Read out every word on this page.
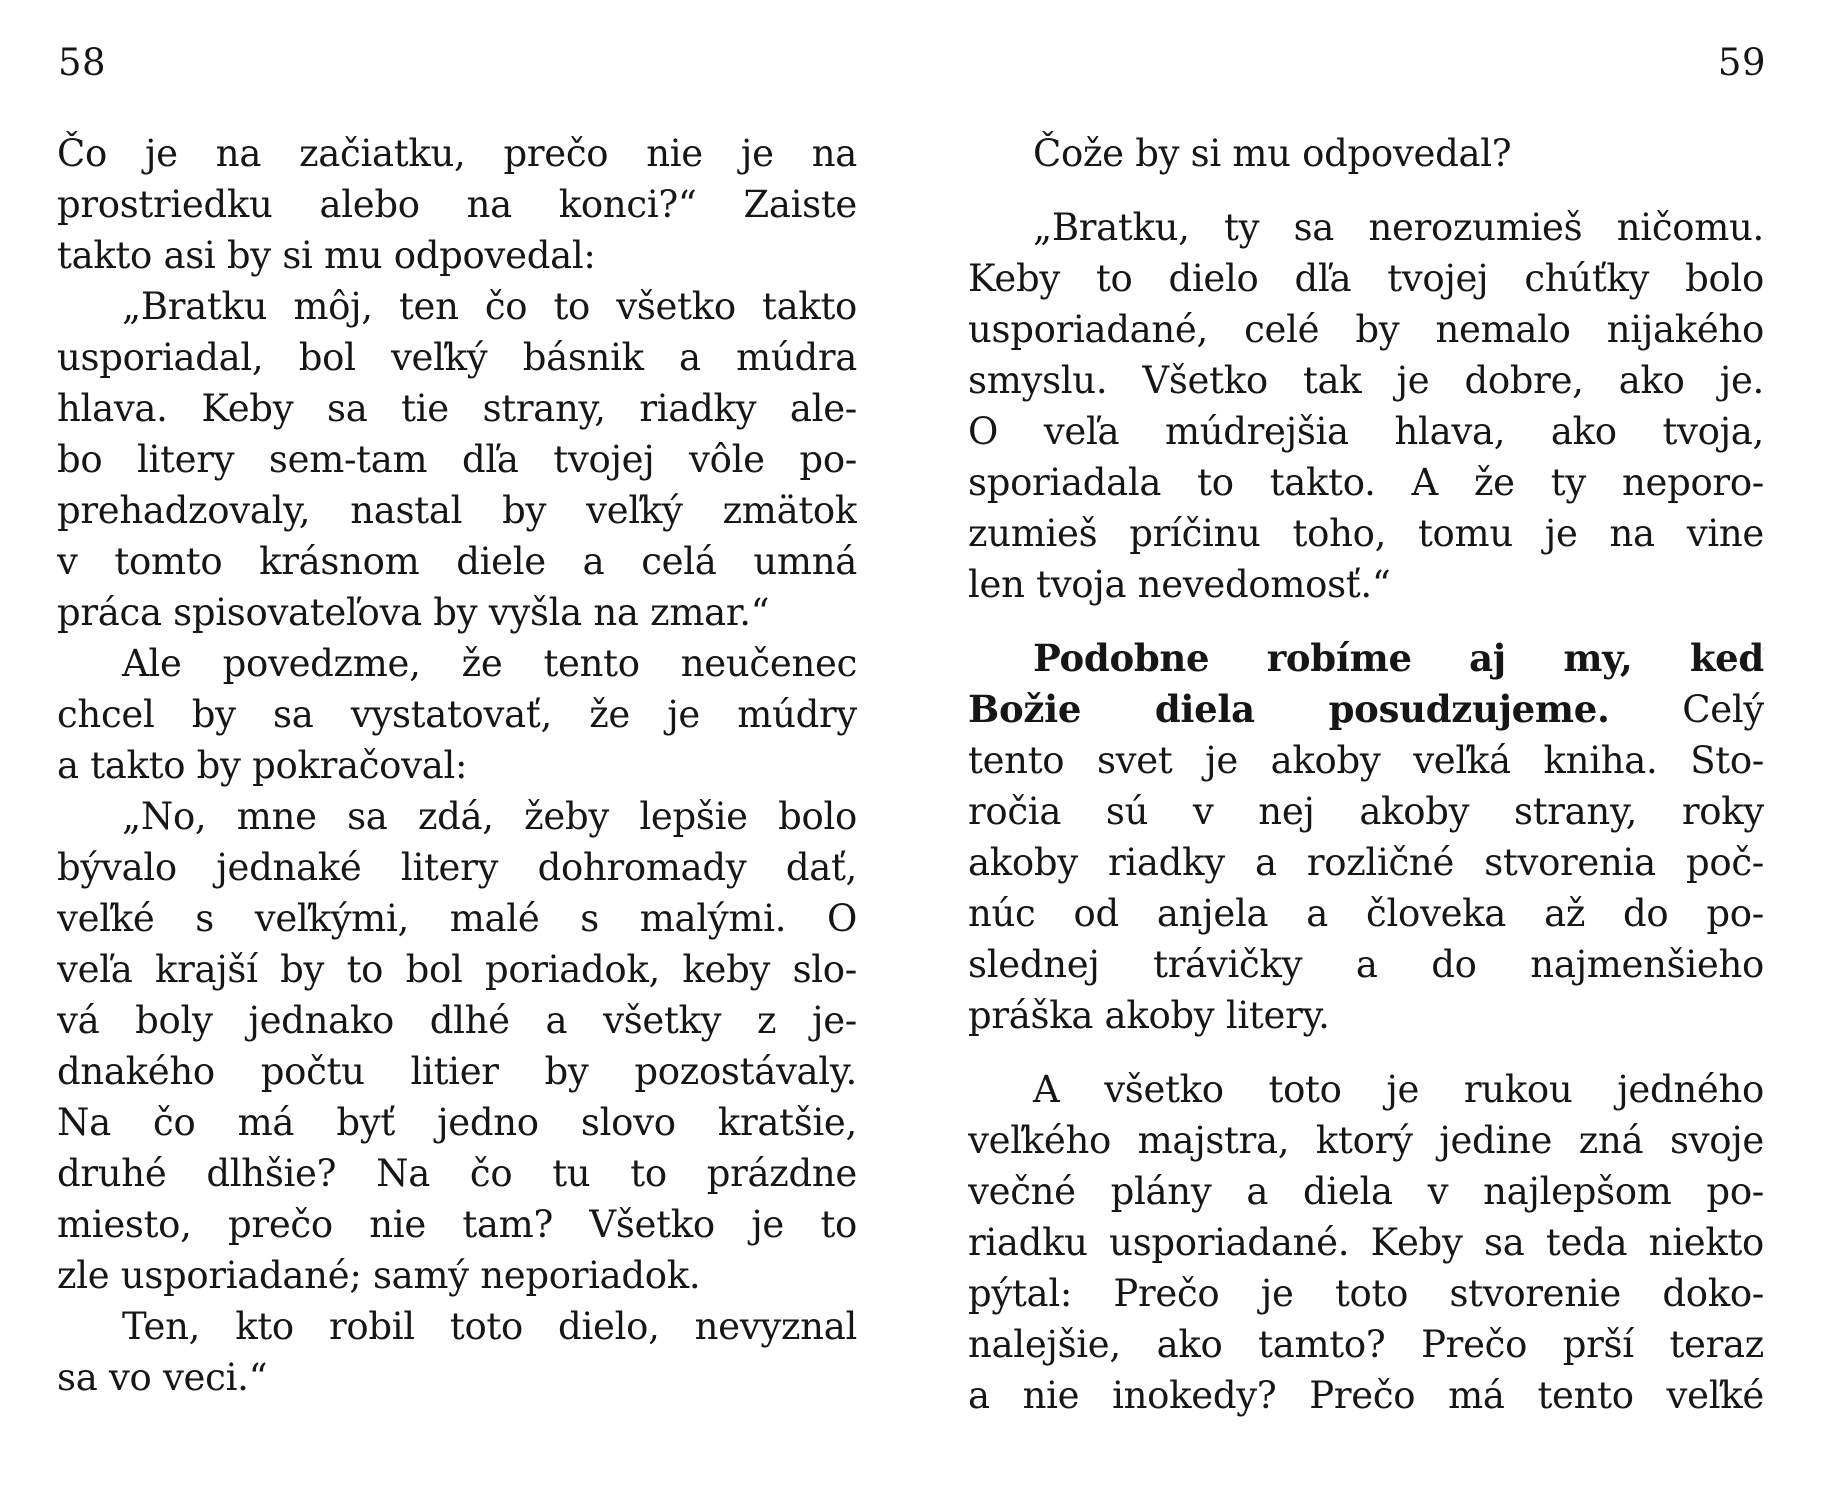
58	59
Čo je na začiatku, prečo nie je na
prostriedku alebo na konci?“ Zaiste
takto asi by si mu odpovedal:
„Bratku môj, ten čo to všetko takto
usporiadal, bol veľký básnik a múdra
hlava. Keby sa tie strany, riadky ale-
bo litery sem-tam dľa tvojej vôle po-
prehadzovaly, nastal by veľký zmätok
v tomto krásnom diele a celá umná
práca spisovateľova by vyšla na zmar.“
Ale povedzme, že tento neučenec
chcel by sa vystatovať, že je múdry
a takto by pokračoval:
„No, mne sa zdá, žeby lepšie bolo
bývalo jednaké litery dohromady dať,
veľké s veľkými, malé s malými. O
veľa krajší by to bol poriadok, keby slo-
vá boly jednako dlhé a všetky z je-
dnakého počtu litier by pozostávaly.
Na čo má byť jedno slovo kratšie,
druhé dlhšie? Na čo tu to prázdne
miesto, prečo nie tam? Všetko je to
zle usporiadané; samý neporiadok.
Ten, kto robil toto dielo, nevyznal
sa vo veci.“
Čože by si mu odpovedal?
„Bratku, ty sa nerozumieš ničomu.
Keby to dielo dľa tvojej chúťky bolo
usporiadané, celé by nemalo nijakého
smyslu. Všetko tak je dobre, ako je.
O veľa múdrejšia hlava, ako tvoja,
sporiadala to takto. A že ty neporo-
zumieš príčinu toho, tomu je na vine
len tvoja nevedomosť.“
Podobne robíme aj my, keď
Božie diela posudzujeme. Celý
tento svet je akoby veľká kniha. Sto-
ročia sú v nej akoby strany, roky
akoby riadky a rozličné stvorenia poč-
núc od anjela a človeka až do po-
slednej trávičky a do najmenšieho
práška akoby litery.
A všetko toto je rukou jedného
veľkého majstra, ktorý jedine zná svoje
večné plány a diela v najlepšom po-
riadku usporiadané. Keby sa teda niekto
pýtal: Prečo je toto stvorenie doko-
nalejšie, ako tamto? Prečo prší teraz
a nie inokedy? Prečo má tento veľké
